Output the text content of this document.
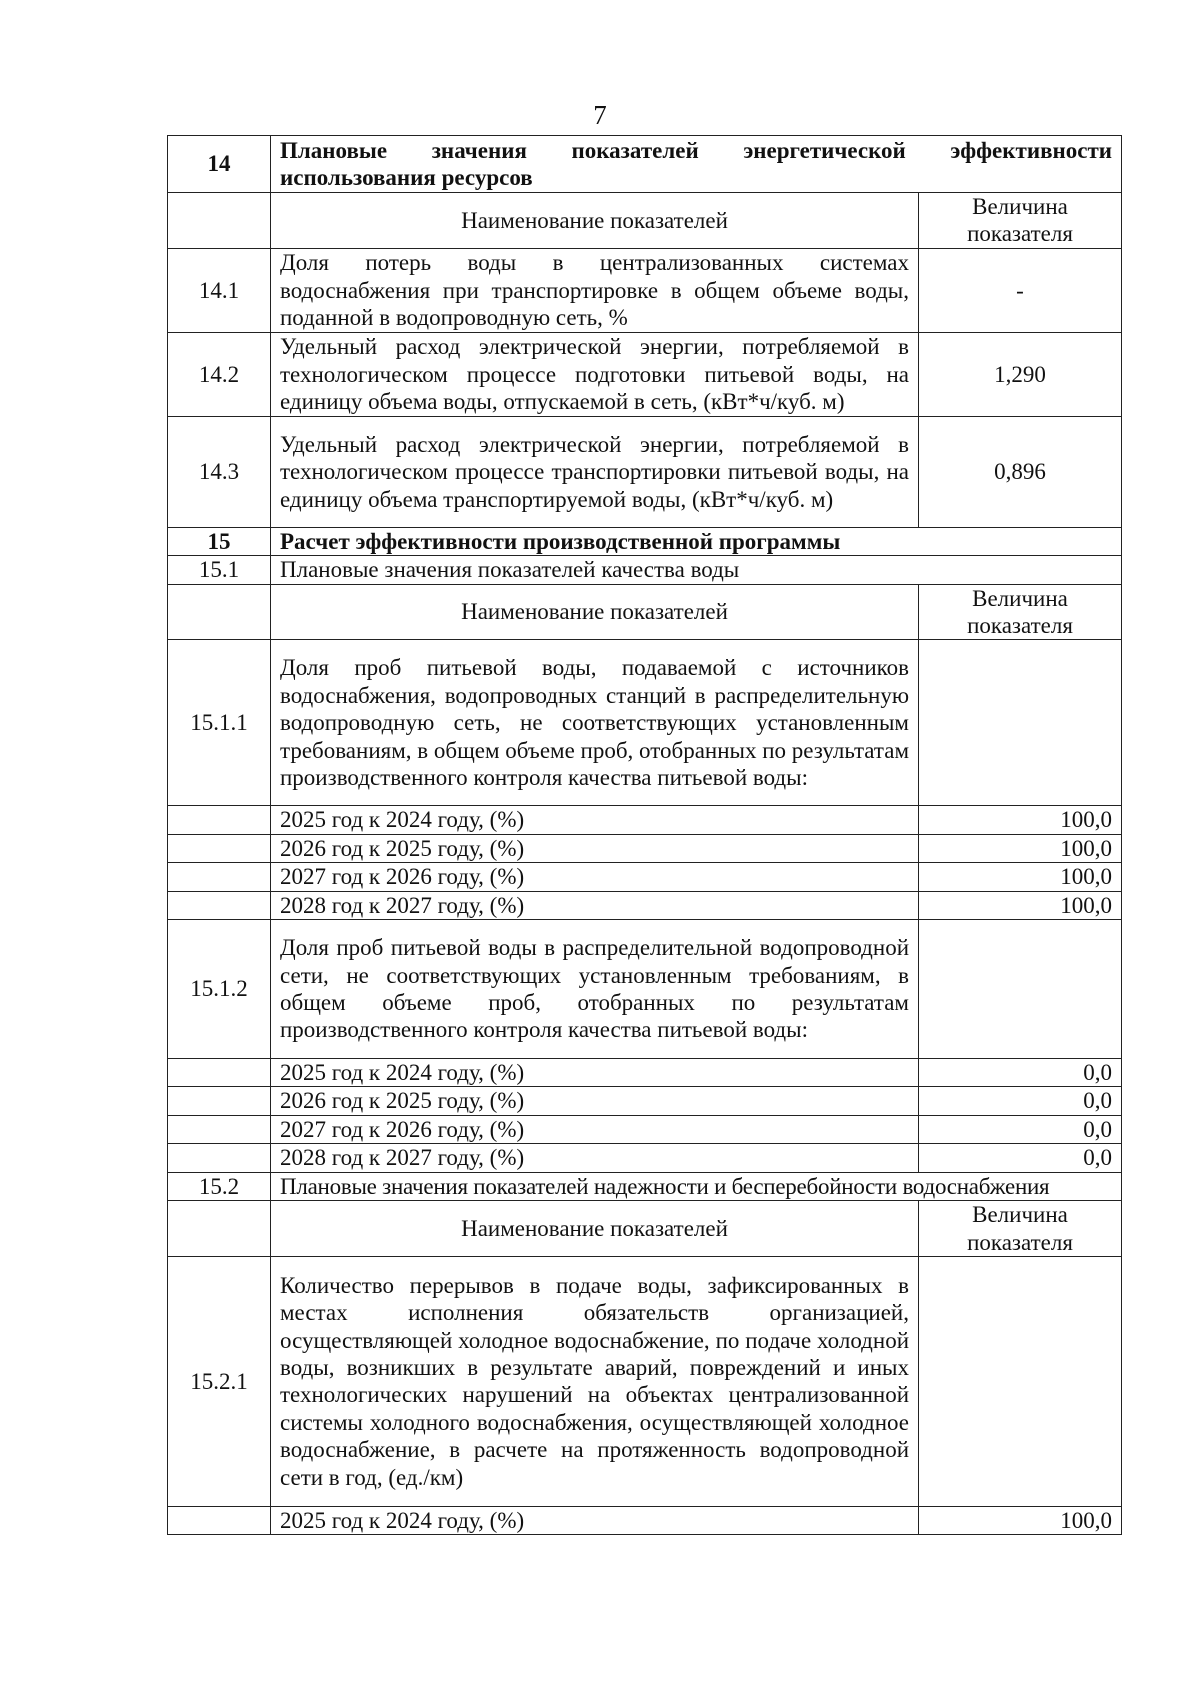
7
14	Плановые значения показателей энергетической эффективности
использования ресурсов	
	Наименование показателей	Величина показателя
14.1	Доля потерь воды в централизованных системах водоснабжения при транспортировке в общем объеме воды, поданной в водопроводную сеть, %	-
14.2	Удельный расход электрической энергии, потребляемой в технологическом процессе подготовки питьевой воды, на единицу объема воды, отпускаемой в сеть, (кВт*ч/куб. м)	1,290
14.3	Удельный расход электрической энергии, потребляемой в технологическом процессе транспортировки питьевой воды, на единицу объема транспортируемой воды, (кВт*ч/куб. м)	0,896
15	Расчет эффективности производственной программы	
15.1	Плановые значения показателей качества воды	
	Наименование показателей	Величина показателя
15.1.1	Доля проб питьевой воды, подаваемой с источников водоснабжения, водопроводных станций в распределительную водопроводную сеть, не соответствующих установленным требованиям, в общем объеме проб, отобранных по результатам производственного контроля качества питьевой воды:	
	2025 год к 2024 году, (%)	100,0
	2026 год к 2025 году, (%)	100,0
	2027 год к 2026 году, (%)	100,0
	2028 год к 2027 году, (%)	100,0
15.1.2	Доля проб питьевой воды в распределительной водопроводной сети, не соответствующих установленным требованиям, в общем объеме проб, отобранных по результатам производственного контроля качества питьевой воды:	
	2025 год к 2024 году, (%)	0,0
	2026 год к 2025 году, (%)	0,0
	2027 год к 2026 году, (%)	0,0
	2028 год к 2027 году, (%)	0,0
15.2	Плановые значения показателей надежности и бесперебойности водоснабжения	
	Наименование показателей	Величина показателя
15.2.1	Количество перерывов в подаче воды, зафиксированных в местах исполнения обязательств организацией, осуществляющей холодное водоснабжение, по подаче холодной воды, возникших в результате аварий, повреждений и иных технологических нарушений на объектах централизованной системы холодного водоснабжения, осуществляющей холодное водоснабжение, в расчете на протяженность водопроводной сети в год, (ед./км)	
	2025 год к 2024 году, (%)	100,0
